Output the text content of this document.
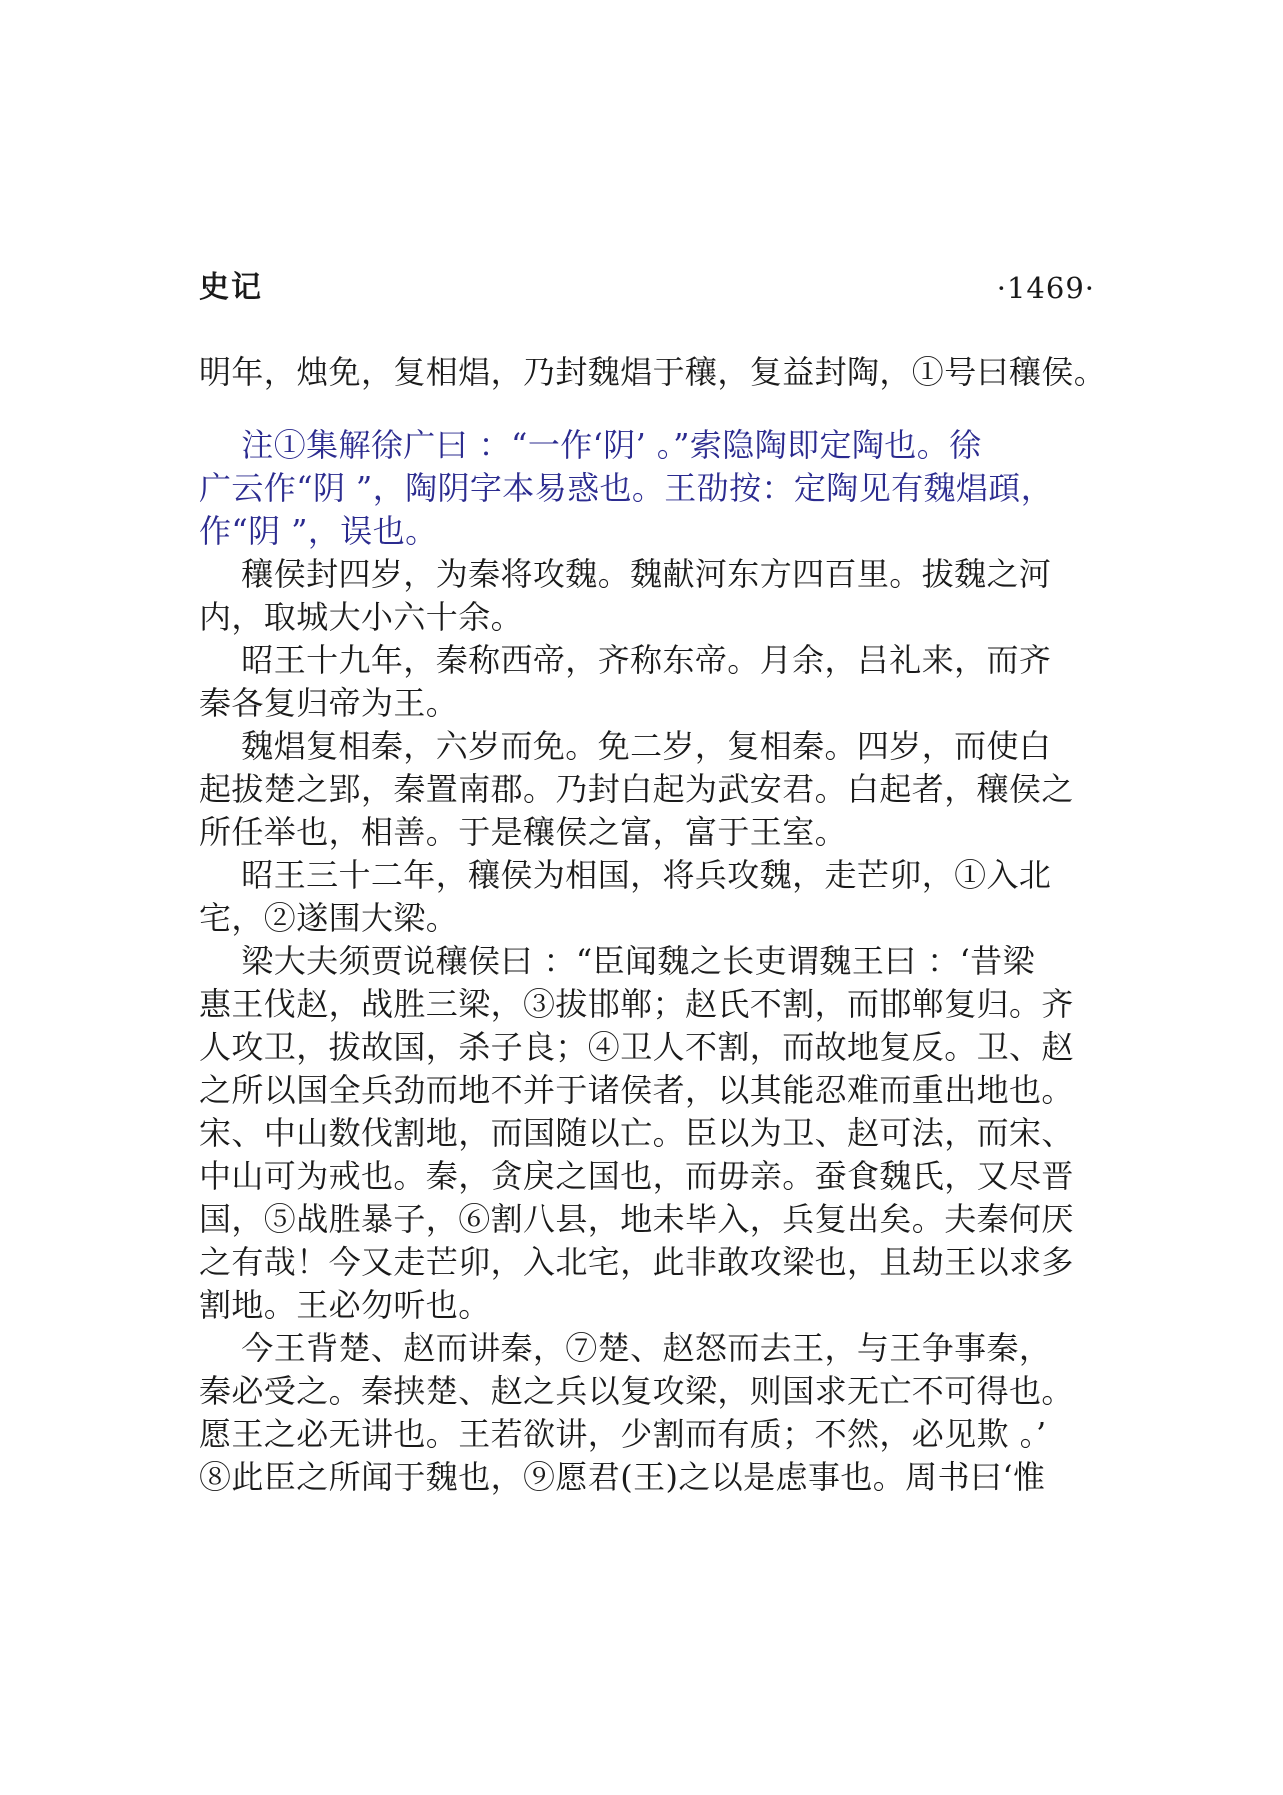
史记	·1469·
明年，烛免，复相焻，乃封魏焻于穰，复益封陶，①号曰穰侯。
注①集解徐广曰 ：“一作‘阴’ 。”索隐陶即定陶也。徐
广云作“阴 ”，陶阴字本易惑也。王劭按：定陶见有魏焻頙，
作“阴 ”，误也。
穰侯封四岁，为秦将攻魏。魏献河东方四百里。拔魏之河
内，取城大小六十余。
昭王十九年，秦称西帝，齐称东帝。月余，吕礼来，而齐
秦各复归帝为王。
魏焻复相秦，六岁而免。免二岁，复相秦。四岁，而使白
起拔楚之郢，秦置南郡。乃封白起为武安君。白起者，穰侯之
所任举也，相善。于是穰侯之富，富于王室。
昭王三十二年，穰侯为相国，将兵攻魏，走芒卯，①入北
宅，②遂围大梁。
梁大夫须贾说穰侯曰 ：“臣闻魏之长吏谓魏王曰 ：‘昔梁
惠王伐赵，战胜三梁，③拔邯郸；赵氏不割，而邯郸复归。齐
人攻卫，拔故国，杀子良；④卫人不割，而故地复反。卫、赵
之所以国全兵劲而地不并于诸侯者，以其能忍难而重出地也。
宋、中山数伐割地，而国随以亡。臣以为卫、赵可法，而宋、
中山可为戒也。秦，贪戾之国也，而毋亲。蚕食魏氏，又尽晋
国，⑤战胜暴子，⑥割八县，地未毕入，兵复出矣。夫秦何厌
之有哉！今又走芒卯，入北宅，此非敢攻梁也，且劫王以求多
割地。王必勿听也。
今王背楚、赵而讲秦，⑦楚、赵怒而去王，与王争事秦，
秦必受之。秦挟楚、赵之兵以复攻梁，则国求无亡不可得也。
愿王之必无讲也。王若欲讲，少割而有质；不然，必见欺 。’
⑧此臣之所闻于魏也，⑨愿君(王)之以是虑事也。周书曰‘惟
